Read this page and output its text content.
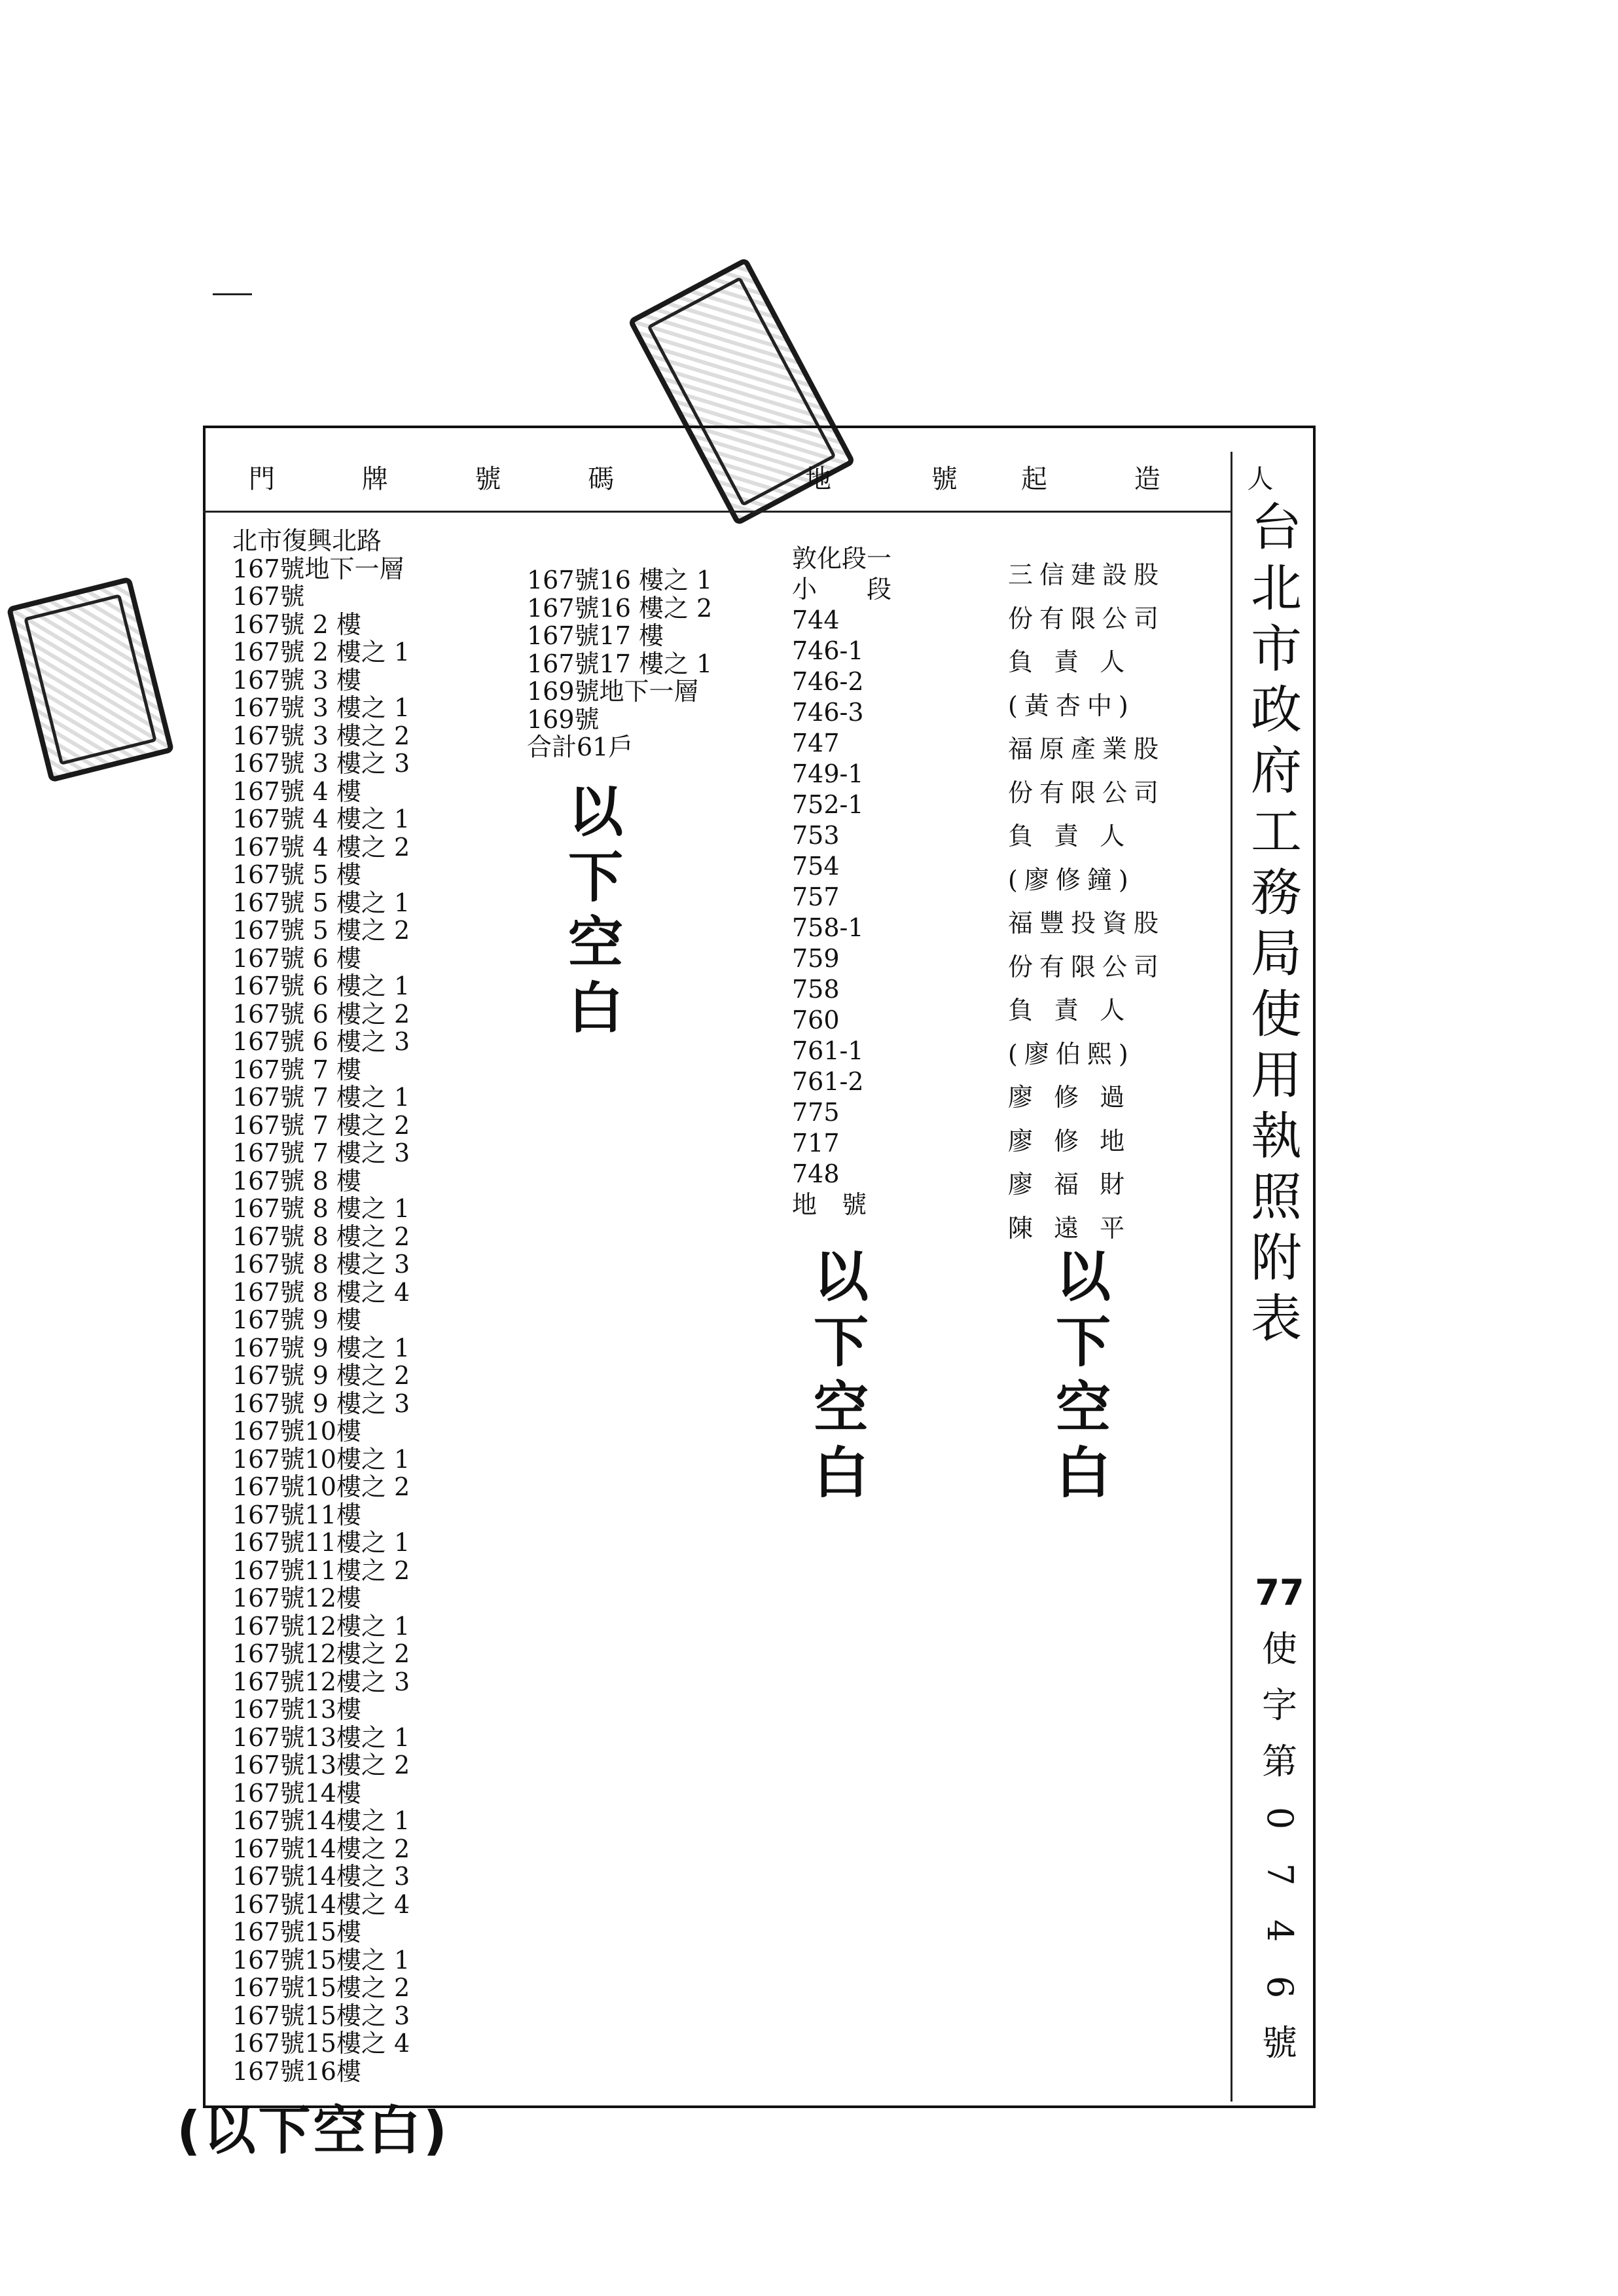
門 牌 號 碼	地 號 起 造 人
北市復興北路
167號地下一層
167號
167號 2 樓
167號 2 樓之 1
167號 3 樓
167號 3 樓之 1
167號 3 樓之 2
167號 3 樓之 3
167號 4 樓
167號 4 樓之 1
167號 4 樓之 2
167號 5 樓
167號 5 樓之 1
167號 5 樓之 2
167號 6 樓
167號 6 樓之 1
167號 6 樓之 2
167號 6 樓之 3
167號 7 樓
167號 7 樓之 1
167號 7 樓之 2
167號 7 樓之 3
167號 8 樓
167號 8 樓之 1
167號 8 樓之 2
167號 8 樓之 3
167號 8 樓之 4
167號 9 樓
167號 9 樓之 1
167號 9 樓之 2
167號 9 樓之 3
167號10樓
167號10樓之 1
167號10樓之 2
167號11樓
167號11樓之 1
167號11樓之 2
167號12樓
167號12樓之 1
167號12樓之 2
167號12樓之 3
167號13樓
167號13樓之 1
167號13樓之 2
167號14樓
167號14樓之 1
167號14樓之 2
167號14樓之 3
167號14樓之 4
167號15樓
167號15樓之 1
167號15樓之 2
167號15樓之 3
167號15樓之 4
167號16樓
167號16 樓之 1
167號16 樓之 2
167號17 樓
167號17 樓之 1
169號地下一層
169號
合計61戶
敦化段一
小　　段
744
746-1
746-2
746-3
747
749-1
752-1
753
754
757
758-1
759
758
760
761-1
761-2
775
717
748
地　號
三信建設股
份有限公司
負 責 人
(黃杏中)
福原產業股
份有限公司
負 責 人
(廖修鐘)
福豐投資股
份有限公司
負 責 人
(廖伯熙)
廖 修 過
廖 修 地
廖 福 財
陳 遠 平
(以下空白)
以
下
空
白
以
下
空
白
以
下
空
白
台
北
市
政
府
工
務
局
使
用
執
照
附
表
77
使
字
第
0
7
4
6
號
